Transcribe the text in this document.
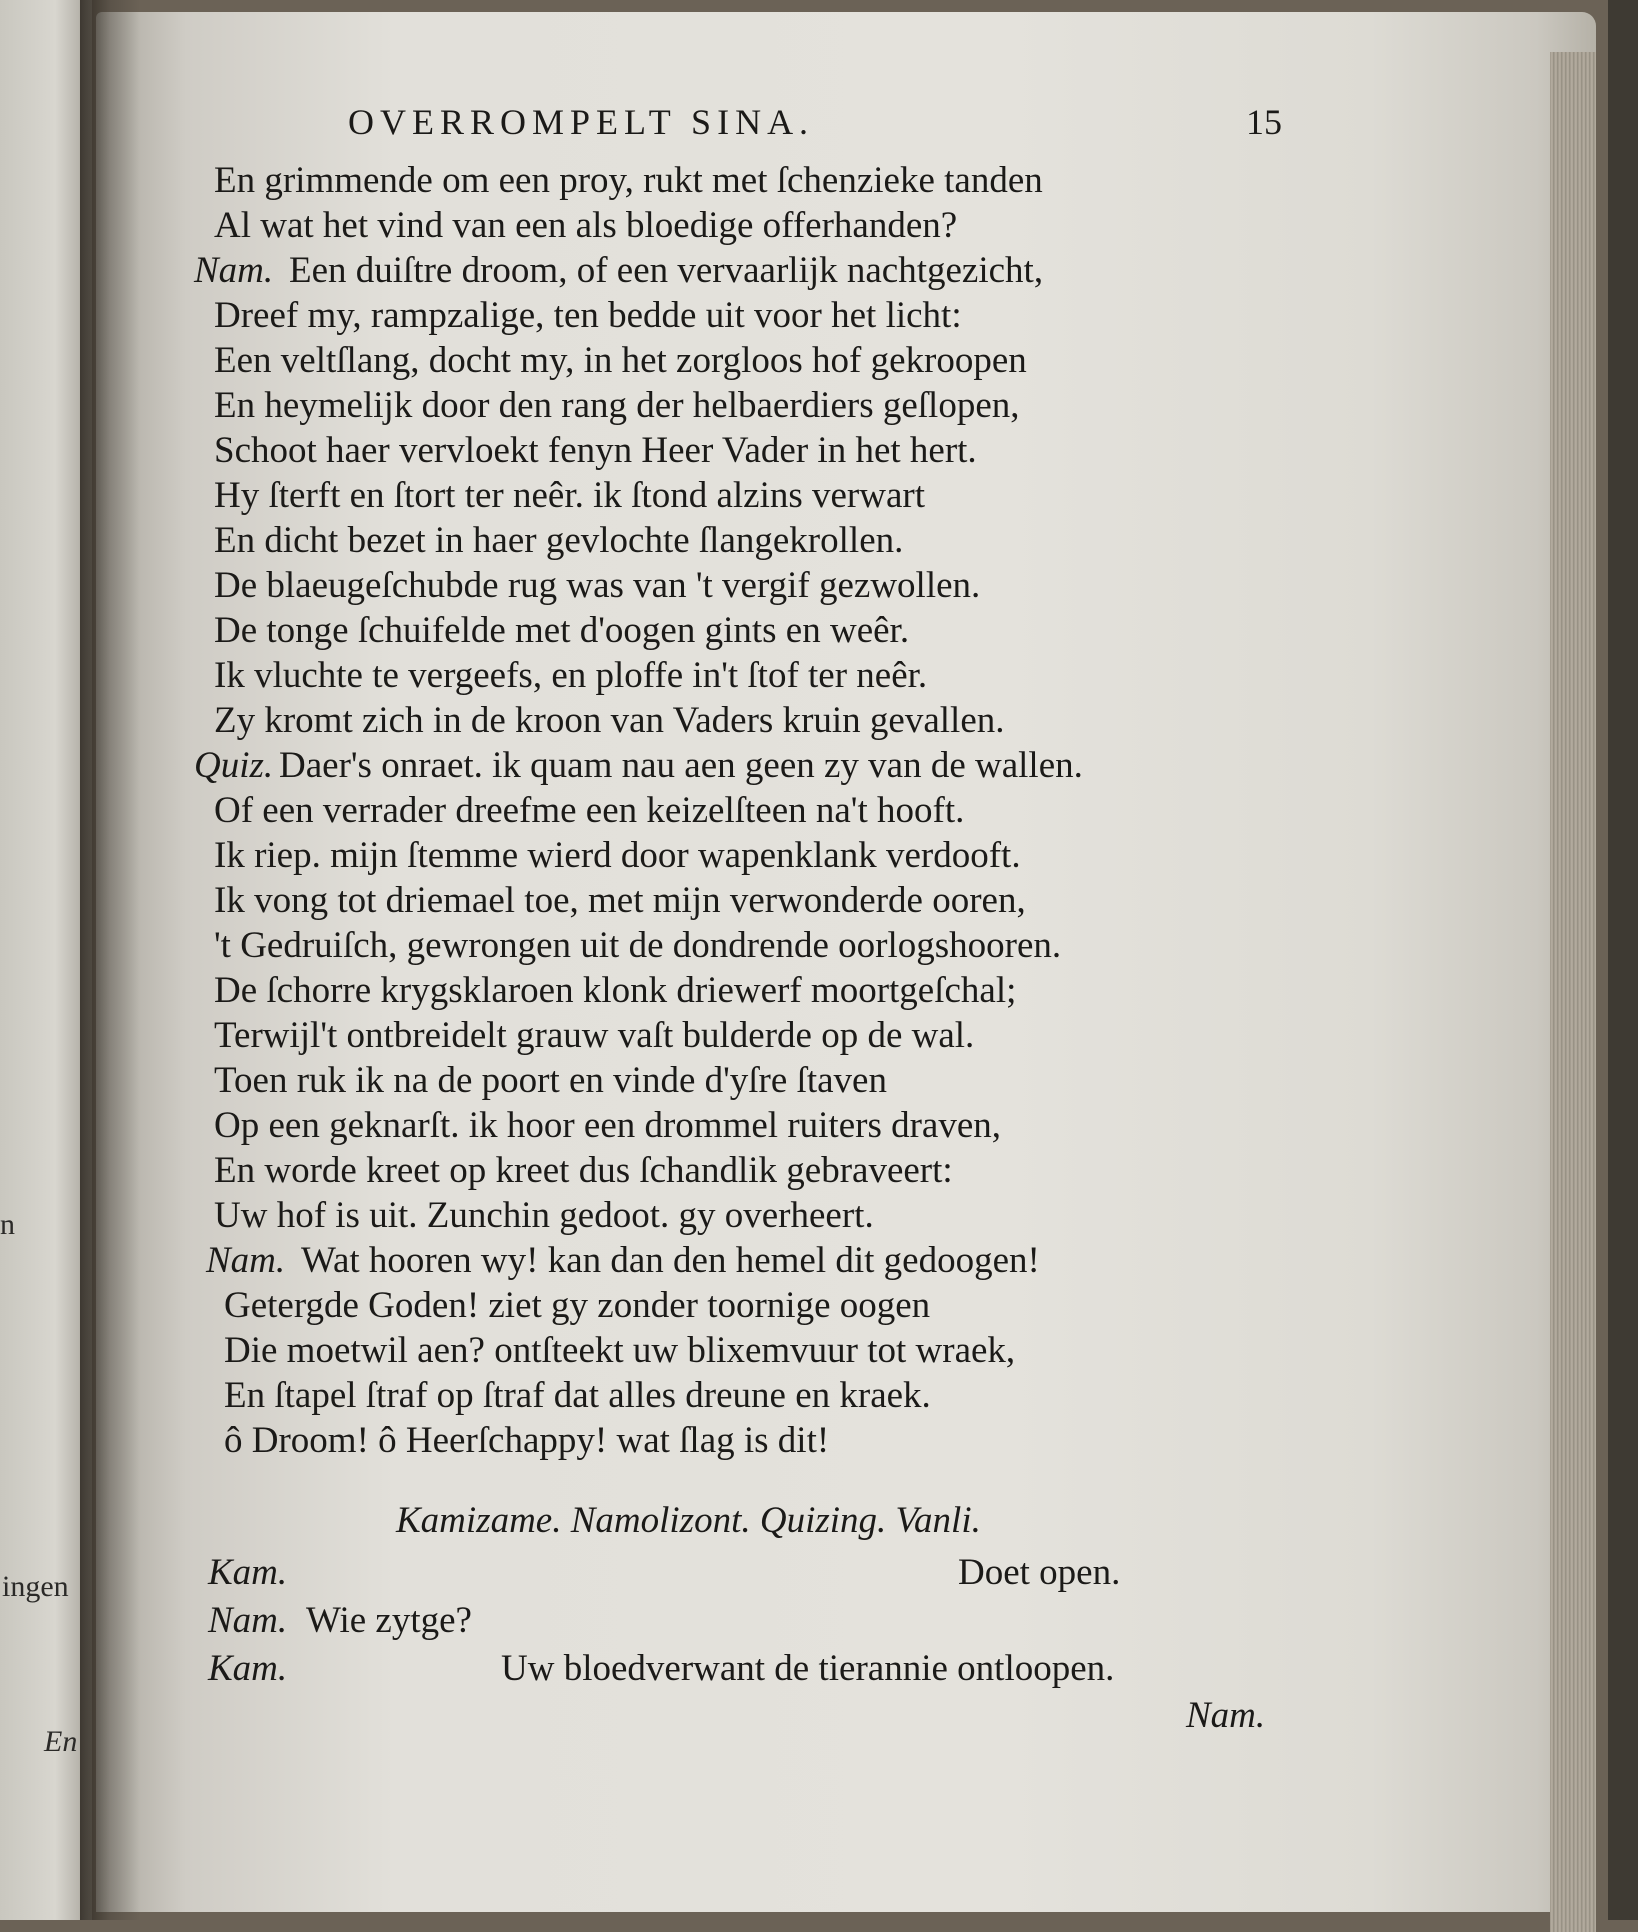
n
ingen
En
OVERROMPELT SINA.	15
En grimmende om een proy, rukt met ſchenzieke tanden
Al wat het vind van een als bloedige offerhanden?
Nam. Een duiſtre droom, of een vervaarlijk nachtgezicht,
Dreef my, rampzalige, ten bedde uit voor het licht:
Een veltſlang, docht my, in het zorgloos hof gekroopen
En heymelijk door den rang der helbaerdiers geſlopen,
Schoot haer vervloekt fenyn Heer Vader in het hert.
Hy ſterft en ſtort ter neêr. ik ſtond alzins verwart
En dicht bezet in haer gevlochte ſlangekrollen.
De blaeugeſchubde rug was van 't vergif gezwollen.
De tonge ſchuifelde met d'oogen gints en weêr.
Ik vluchte te vergeefs, en ploffe in't ſtof ter neêr.
Zy kromt zich in de kroon van Vaders kruin gevallen.
Quiz. Daer's onraet. ik quam nau aen geen zy van de wallen.
Of een verrader dreefme een keizelſteen na't hooft.
Ik riep. mijn ſtemme wierd door wapenklank verdooft.
Ik vong tot driemael toe, met mijn verwonderde ooren,
't Gedruiſch, gewrongen uit de dondrende oorlogshooren.
De ſchorre krygsklaroen klonk driewerf moortgeſchal;
Terwijl't ontbreidelt grauw vaſt bulderde op de wal.
Toen ruk ik na de poort en vinde d'yſre ſtaven
Op een geknarſt. ik hoor een drommel ruiters draven,
En worde kreet op kreet dus ſchandlik gebraveert:
Uw hof is uit. Zunchin gedoot. gy overheert.
Nam. Wat hooren wy! kan dan den hemel dit gedoogen!
Getergde Goden! ziet gy zonder toornige oogen
Die moetwil aen? ontſteekt uw blixemvuur tot wraek,
En ſtapel ſtraf op ſtraf dat alles dreune en kraek.
ô Droom! ô Heerſchappy! wat ſlag is dit!
Kamizame. Namolizont. Quizing. Vanli.
Kam.	Doet open.
Nam. Wie zytge?
Kam.	Uw bloedverwant de tierannie ontloopen.
Nam.
